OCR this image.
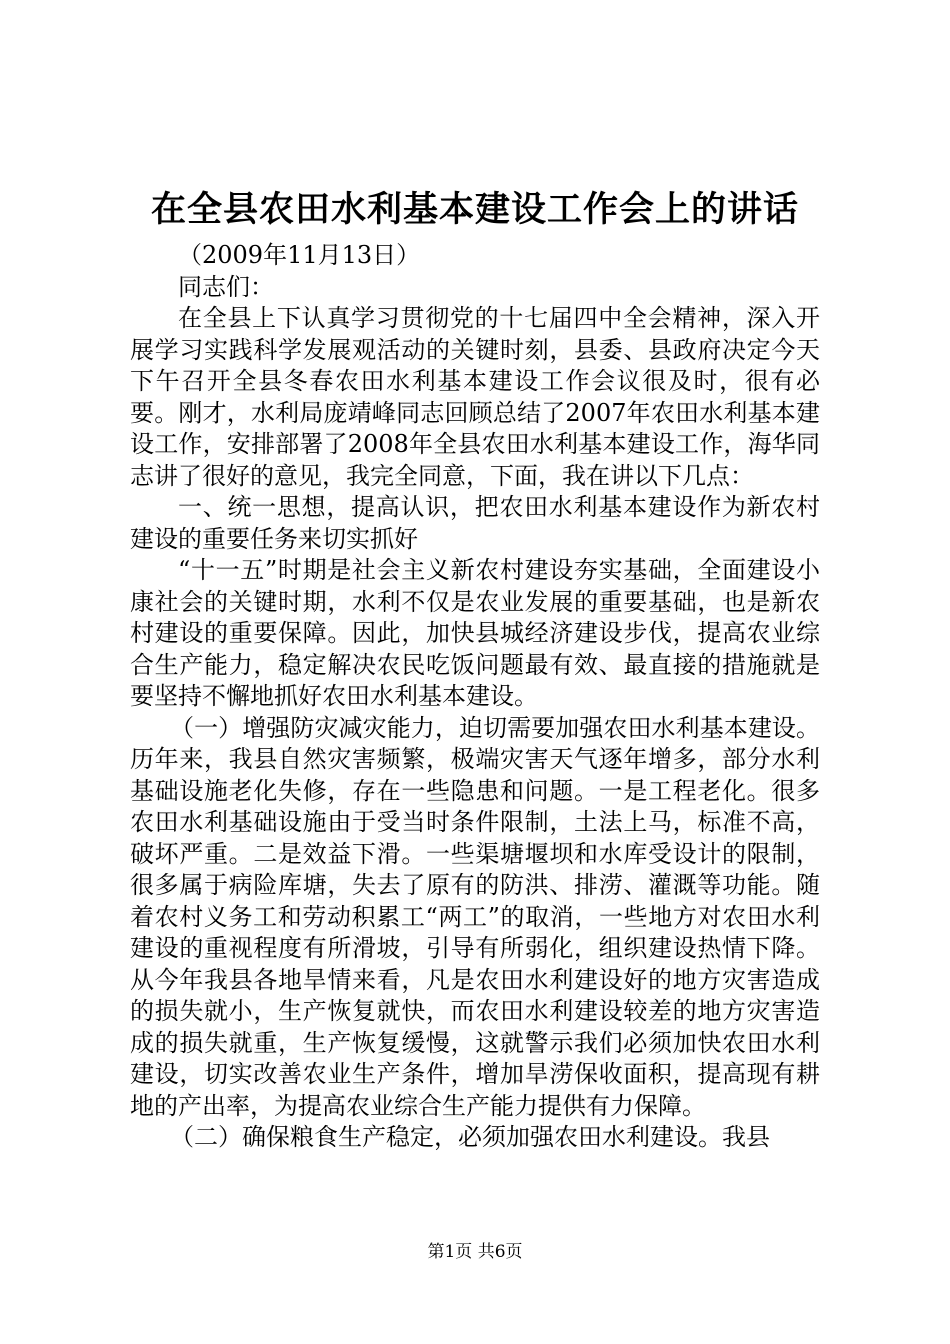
在全县农田水利基本建设工作会上的讲话

（2009年11月13日）

同志们：

在全县上下认真学习贯彻党的十七届四中全会精神，深入开展学习实践科学发展观活动的关键时刻，县委、县政府决定今天下午召开全县冬春农田水利基本建设工作会议很及时，很有必要。刚才，水利局庞靖峰同志回顾总结了2007年农田水利基本建设工作，安排部署了2008年全县农田水利基本建设工作，海华同志讲了很好的意见，我完全同意，下面，我在讲以下几点：

一、统一思想，提高认识，把农田水利基本建设作为新农村建设的重要任务来切实抓好

“十一五”时期是社会主义新农村建设夯实基础，全面建设小康社会的关键时期，水利不仅是农业发展的重要基础，也是新农村建设的重要保障。因此，加快县城经济建设步伐，提高农业综合生产能力，稳定解决农民吃饭问题最有效、最直接的措施就是要坚持不懈地抓好农田水利基本建设。

（一）增强防灾减灾能力，迫切需要加强农田水利基本建设。历年来，我县自然灾害频繁，极端灾害天气逐年增多，部分水利基础设施老化失修，存在一些隐患和问题。一是工程老化。很多农田水利基础设施由于受当时条件限制，土法上马，标准不高，破坏严重。二是效益下滑。一些渠塘堰坝和水库受设计的限制，很多属于病险库塘，失去了原有的防洪、排涝、灌溉等功能。随着农村义务工和劳动积累工“两工”的取消，一些地方对农田水利建设的重视程度有所滑坡，引导有所弱化，组织建设热情下降。从今年我县各地旱情来看，凡是农田水利建设好的地方灾害造成的损失就小，生产恢复就快，而农田水利建设较差的地方灾害造成的损失就重，生产恢复缓慢，这就警示我们必须加快农田水利建设，切实改善农业生产条件，增加旱涝保收面积，提高现有耕地的产出率，为提高农业综合生产能力提供有力保障。

（二）确保粮食生产稳定，必须加强农田水利建设。我县

第1页 共6页
